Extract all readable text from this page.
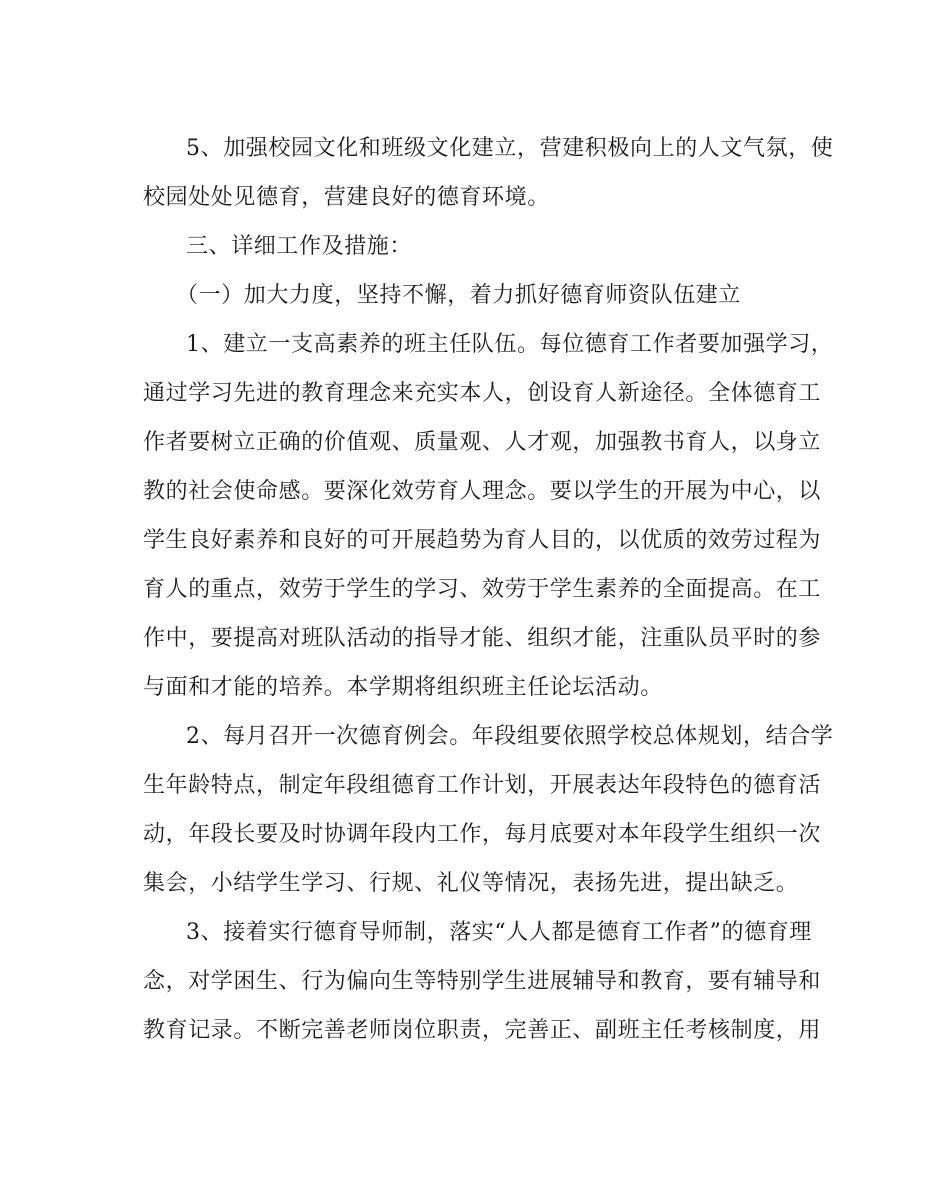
5、加强校园文化和班级文化建立，营建积极向上的人文气氛，使
校园处处见德育，营建良好的德育环境。
三、详细工作及措施：
（一）加大力度，坚持不懈，着力抓好德育师资队伍建立
1、建立一支高素养的班主任队伍。每位德育工作者要加强学习，
通过学习先进的教育理念来充实本人，创设育人新途径。全体德育工
作者要树立正确的价值观、质量观、人才观，加强教书育人，以身立
教的社会使命感。要深化效劳育人理念。要以学生的开展为中心，以
学生良好素养和良好的可开展趋势为育人目的，以优质的效劳过程为
育人的重点，效劳于学生的学习、效劳于学生素养的全面提高。在工
作中，要提高对班队活动的指导才能、组织才能，注重队员平时的参
与面和才能的培养。本学期将组织班主任论坛活动。
2、每月召开一次德育例会。年段组要依照学校总体规划，结合学
生年龄特点，制定年段组德育工作计划，开展表达年段特色的德育活
动，年段长要及时协调年段内工作，每月底要对本年段学生组织一次
集会，小结学生学习、行规、礼仪等情况，表扬先进，提出缺乏。
3、接着实行德育导师制，落实“人人都是德育工作者”的德育理
念，对学困生、行为偏向生等特别学生进展辅导和教育，要有辅导和
教育记录。不断完善老师岗位职责，完善正、副班主任考核制度，用
